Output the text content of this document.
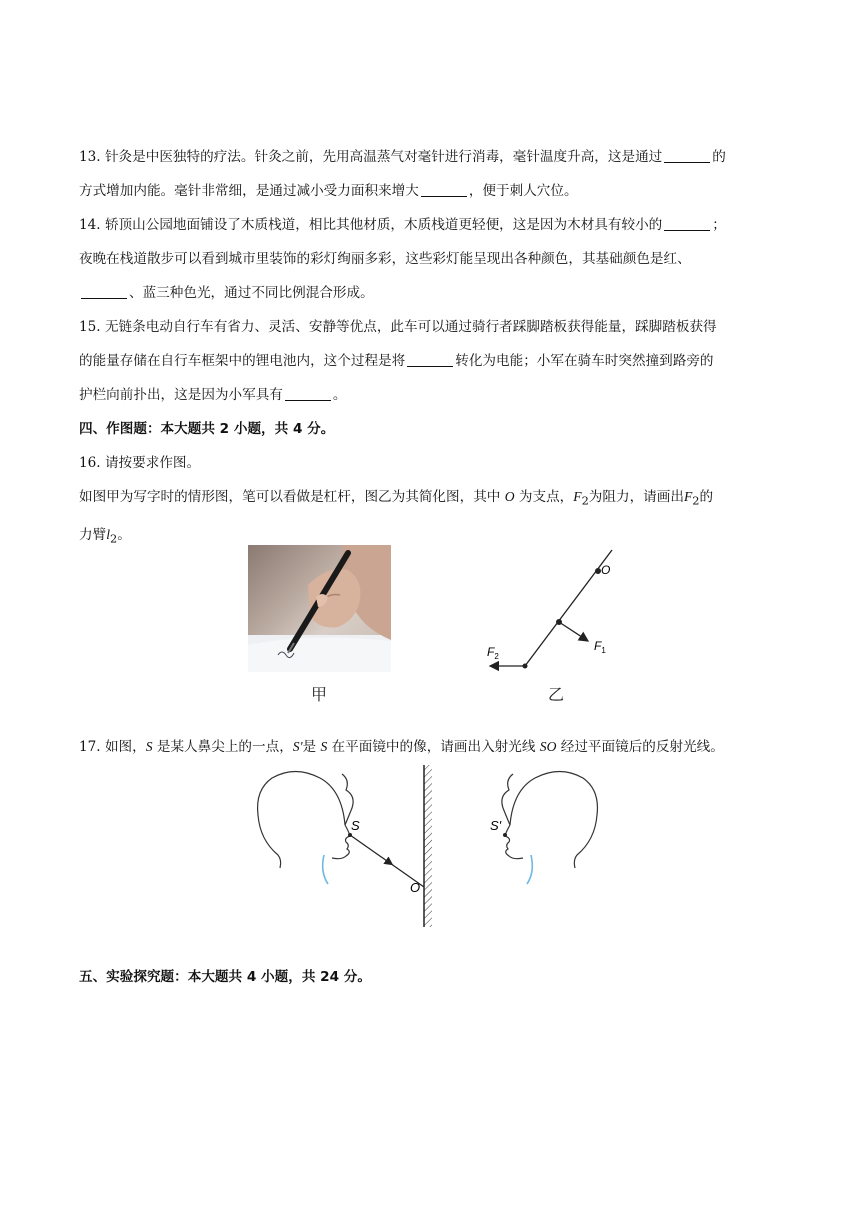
13. 针灸是中医独特的疗法。针灸之前，先用高温蒸气对毫针进行消毒，毫针温度升高，这是通过	的
方式增加内能。毫针非常细，是通过减小受力面积来增大	，便于刺人穴位。
14. 轿顶山公园地面铺设了木质栈道，相比其他材质，木质栈道更轻便，这是因为木材具有较小的	；
夜晚在栈道散步可以看到城市里装饰的彩灯绚丽多彩，这些彩灯能呈现出各种颜色，其基础颜色是红、
、蓝三种色光，通过不同比例混合形成。
15. 无链条电动自行车有省力、灵活、安静等优点，此车可以通过骑行者踩脚踏板获得能量，踩脚踏板获得
的能量存储在自行车框架中的锂电池内，这个过程是将	转化为电能；小军在骑车时突然撞到路旁的
护栏向前扑出，这是因为小军具有	。
四、作图题：本大题共 2 小题，共 4 分。
16. 请按要求作图。
如图甲为写字时的情形图，笔可以看做是杠杆，图乙为其简化图，其中 O 为支点，$F_2$为阻力，请画出$F_2$的
力臂$l_2$。
甲
O
$F_1$
$F_2$
乙
17. 如图，S 是某人鼻尖上的一点，S'是 S 在平面镜中的像，请画出入射光线 SO 经过平面镜后的反射光线。
S
O
S'
五、实验探究题：本大题共 4 小题，共 24 分。
